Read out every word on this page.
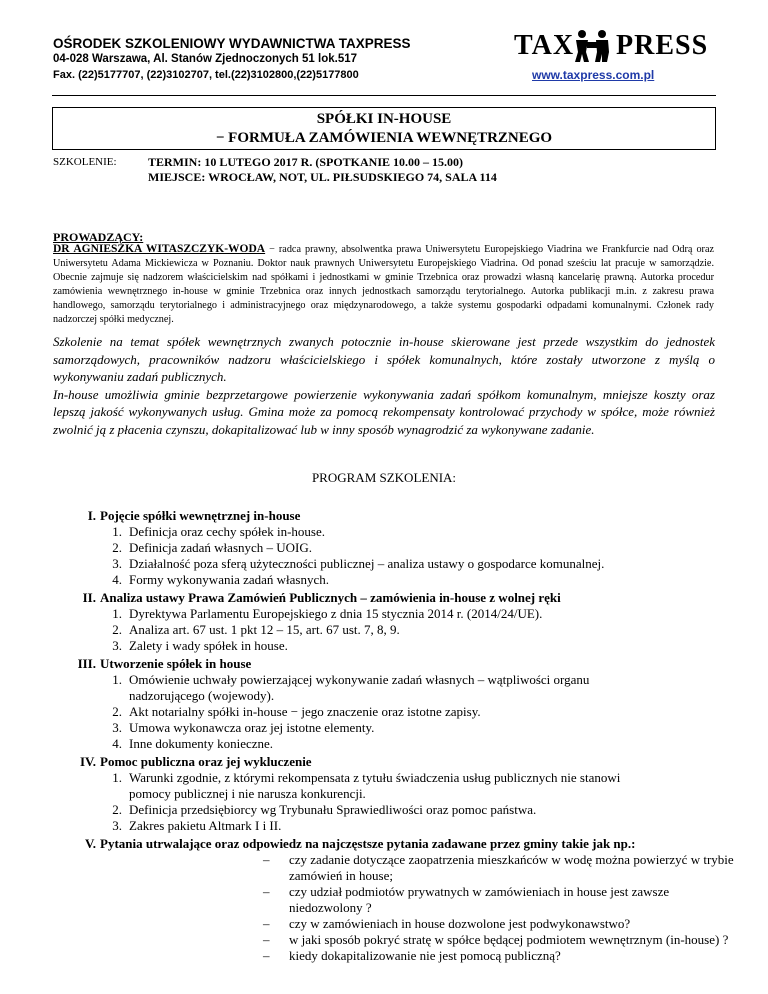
OŚRODEK SZKOLENIOWY WYDAWNICTWA TAXPRESS
04-028 Warszawa, Al. Stanów Zjednoczonych 51 lok.517
Fax. (22)5177707, (22)3102707, tel.(22)3102800,(22)5177800
TAX PRESS
www.taxpress.com.pl
SPÓŁKI IN-HOUSE
− FORMUŁA ZAMÓWIENIA WEWNĘTRZNEGO
SZKOLENIE:	TERMIN: 10 LUTEGO 2017 R. (SPOTKANIE 10.00 – 15.00)
MIEJSCE: WROCŁAW, NOT, UL. PIŁSUDSKIEGO 74, SALA 114
PROWADZĄCY:
DR AGNIESZKA WITASZCZYK-WODA − radca prawny, absolwentka prawa Uniwersytetu Europejskiego Viadrina we Frankfurcie nad Odrą oraz Uniwersytetu Adama Mickiewicza w Poznaniu. Doktor nauk prawnych Uniwersytetu Europejskiego Viadrina. Od ponad sześciu lat pracuje w samorządzie. Obecnie zajmuje się nadzorem właścicielskim nad spółkami i jednostkami w gminie Trzebnica oraz prowadzi własną kancelarię prawną. Autorka procedur zamówienia wewnętrznego in-house w gminie Trzebnica oraz innych jednostkach samorządu terytorialnego. Autorka publikacji m.in. z zakresu prawa handlowego, samorządu terytorialnego i administracyjnego oraz międzynarodowego, a także systemu gospodarki odpadami komunalnymi. Członek rady nadzorczej spółki medycznej.
Szkolenie na temat spółek wewnętrznych zwanych potocznie in-house skierowane jest przede wszystkim do jednostek samorządowych, pracowników nadzoru właścicielskiego i spółek komunalnych, które zostały utworzone z myślą o wykonywaniu zadań publicznych.
In-house umożliwia gminie bezprzetargowe powierzenie wykonywania zadań spółkom komunalnym, mniejsze koszty oraz lepszą jakość wykonywanych usług. Gmina może za pomocą rekompensaty kontrolować przychody w spółce, może również zwolnić ją z płacenia czynszu, dokapitalizować lub w inny sposób wynagrodzić za wykonywane zadanie.
PROGRAM SZKOLENIA:
I. Pojęcie spółki wewnętrznej in-house
1. Definicja oraz cechy spółek in-house.
2. Definicja zadań własnych – UOIG.
3. Działalność poza sferą użyteczności publicznej – analiza ustawy o gospodarce komunalnej.
4. Formy wykonywania zadań własnych.
II. Analiza ustawy Prawa Zamówień Publicznych – zamówienia in-house z wolnej ręki
1. Dyrektywa Parlamentu Europejskiego z dnia 15 stycznia 2014 r. (2014/24/UE).
2. Analiza art. 67 ust. 1 pkt 12 – 15, art. 67 ust. 7, 8, 9.
3. Zalety i wady spółek in house.
III. Utworzenie spółek in house
1. Omówienie uchwały powierzającej wykonywanie zadań własnych – wątpliwości organu
nadzorującego (wojewody).
2. Akt notarialny spółki in-house − jego znaczenie oraz istotne zapisy.
3. Umowa wykonawcza oraz jej istotne elementy.
4. Inne dokumenty konieczne.
IV. Pomoc publiczna oraz jej wykluczenie
1. Warunki zgodnie, z którymi rekompensata z tytułu świadczenia usług publicznych nie stanowi
pomocy publicznej i nie narusza konkurencji.
2. Definicja przedsiębiorcy wg Trybunału Sprawiedliwości oraz pomoc państwa.
3. Zakres pakietu Altmark I i II.
V. Pytania utrwalające oraz odpowiedz na najczęstsze pytania zadawane przez gminy takie jak np.:
– czy zadanie dotyczące zaopatrzenia mieszkańców w wodę można powierzyć w trybie
zamówień in house;
– czy udział podmiotów prywatnych w zamówieniach in house jest zawsze
niedozwolony ?
– czy w zamówieniach in house dozwolone jest podwykonawstwo?
– w jaki sposób pokryć stratę w spółce będącej podmiotem wewnętrznym (in-house) ?
– kiedy dokapitalizowanie nie jest pomocą publiczną?
